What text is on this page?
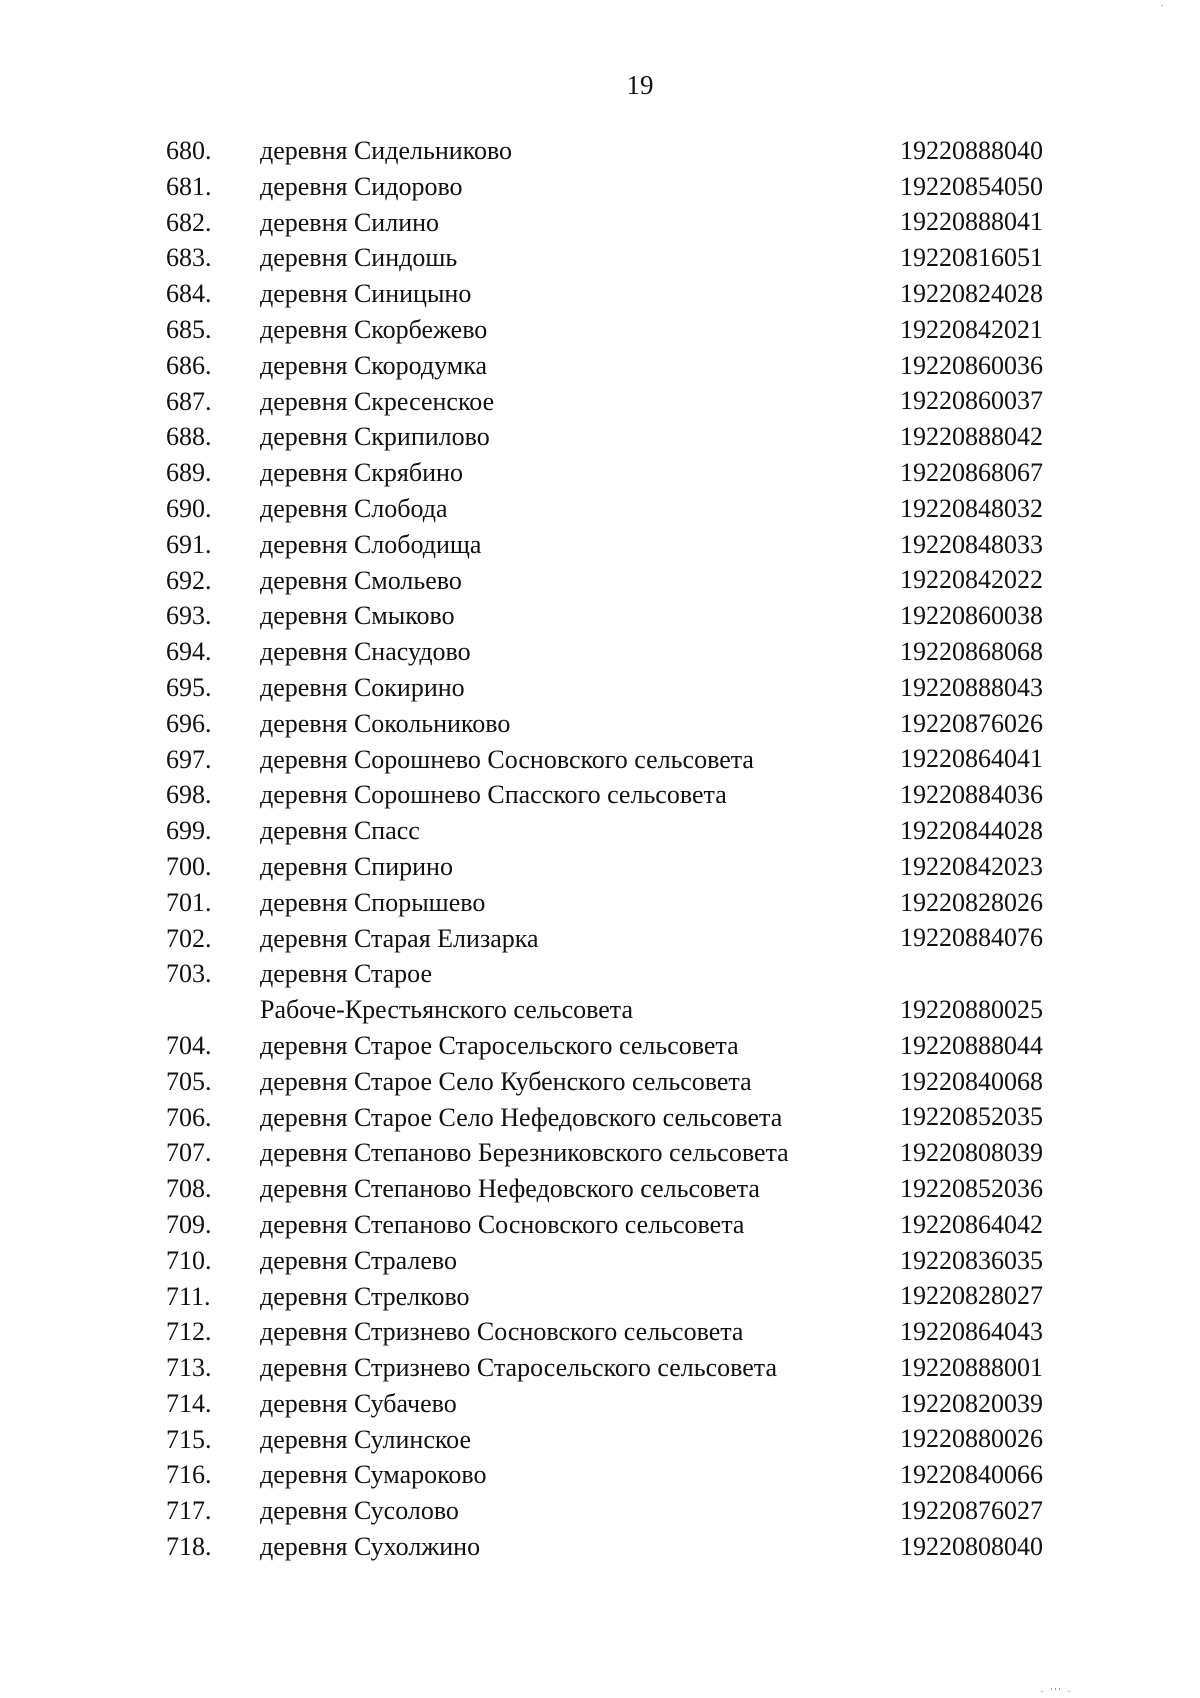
19
680. деревня Сидельниково	19220888040
681. деревня Сидорово	19220854050
682. деревня Силино	19220888041
683. деревня Синдошь	19220816051
684. деревня Синицыно	19220824028
685. деревня Скорбежево	19220842021
686. деревня Скородумка	19220860036
687. деревня Скресенское	19220860037
688. деревня Скрипилово	19220888042
689. деревня Скрябино	19220868067
690. деревня Слобода	19220848032
691. деревня Слободища	19220848033
692. деревня Смольево	19220842022
693. деревня Смыково	19220860038
694. деревня Снасудово	19220868068
695. деревня Сокирино	19220888043
696. деревня Сокольниково	19220876026
697. деревня Сорошнево Сосновского сельсовета	19220864041
698. деревня Сорошнево Спасского сельсовета	19220884036
699. деревня Спасс	19220844028
700. деревня Спирино	19220842023
701. деревня Спорышево	19220828026
702. деревня Старая Елизарка	19220884076
703. деревня Старое
Рабоче-Крестьянского сельсовета	19220880025
704. деревня Старое Старосельского сельсовета	19220888044
705. деревня Старое Село Кубенского сельсовета	19220840068
706. деревня Старое Село Нефедовского сельсовета	19220852035
707. деревня Степаново Березниковского сельсовета	19220808039
708. деревня Степаново Нефедовского сельсовета	19220852036
709. деревня Степаново Сосновского сельсовета	19220864042
710. деревня Стралево	19220836035
711. деревня Стрелково	19220828027
712. деревня Стризнево Сосновского сельсовета	19220864043
713. деревня Стризнево Старосельского сельсовета	19220888001
714. деревня Субачево	19220820039
715. деревня Сулинское	19220880026
716. деревня Сумароково	19220840066
717. деревня Сусолово	19220876027
718. деревня Сухолжино	19220808040
·
· ''' ·
